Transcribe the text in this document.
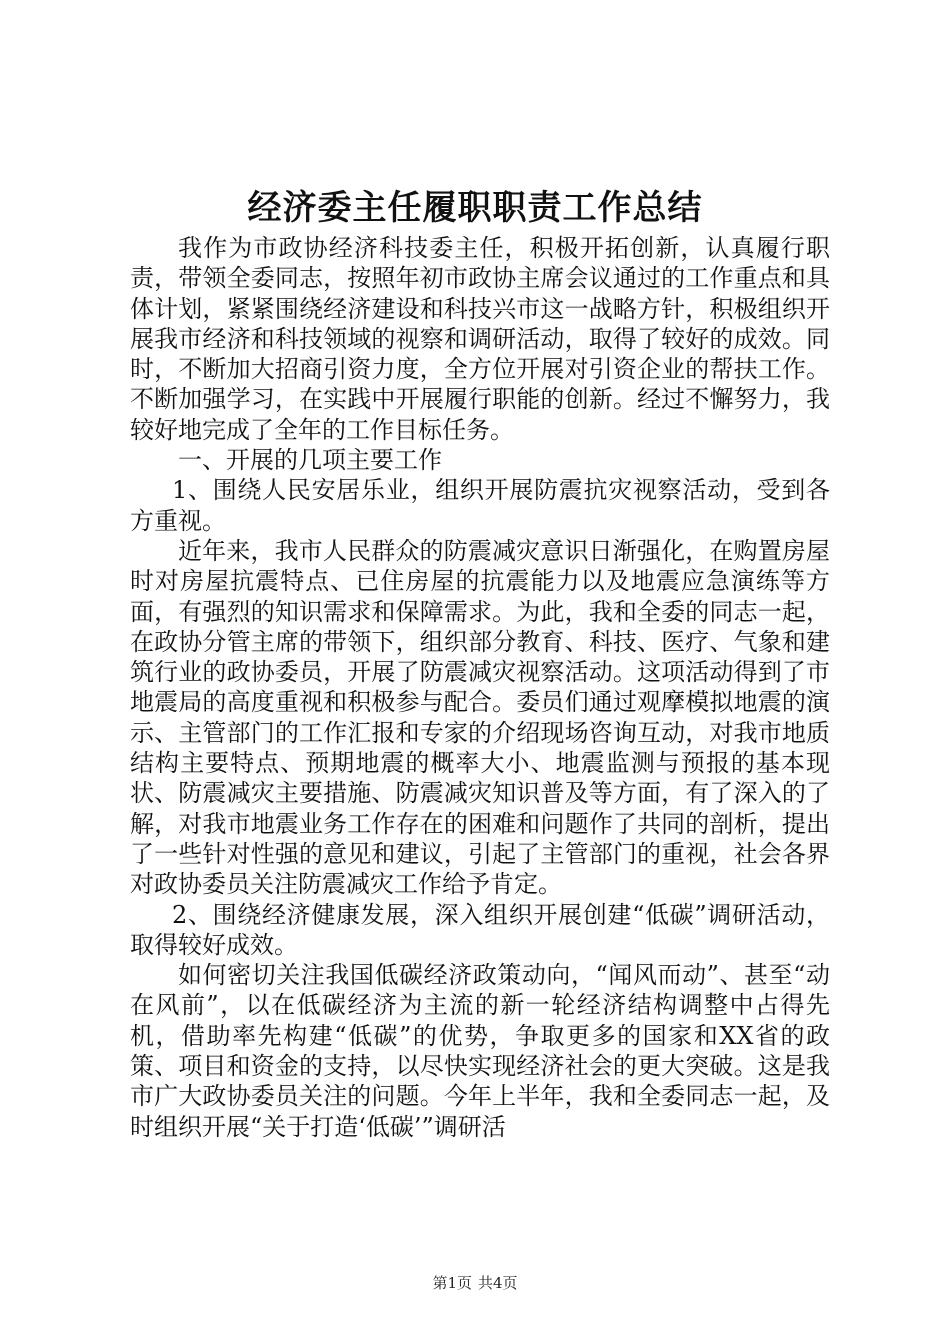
经济委主任履职职责工作总结

我作为市政协经济科技委主任，积极开拓创新，认真履行职责，带领全委同志，按照年初市政协主席会议通过的工作重点和具体计划，紧紧围绕经济建设和科技兴市这一战略方针，积极组织开展我市经济和科技领域的视察和调研活动，取得了较好的成效。同时，不断加大招商引资力度，全方位开展对引资企业的帮扶工作。不断加强学习，在实践中开展履行职能的创新。经过不懈努力，我较好地完成了全年的工作目标任务。

一、开展的几项主要工作

1、围绕人民安居乐业，组织开展防震抗灾视察活动，受到各方重视。

近年来，我市人民群众的防震减灾意识日渐强化，在购置房屋时对房屋抗震特点、已住房屋的抗震能力以及地震应急演练等方面，有强烈的知识需求和保障需求。为此，我和全委的同志一起，在政协分管主席的带领下，组织部分教育、科技、医疗、气象和建筑行业的政协委员，开展了防震减灾视察活动。这项活动得到了市地震局的高度重视和积极参与配合。委员们通过观摩模拟地震的演示、主管部门的工作汇报和专家的介绍现场咨询互动，对我市地质结构主要特点、预期地震的概率大小、地震监测与预报的基本现状、防震减灾主要措施、防震减灾知识普及等方面，有了深入的了解，对我市地震业务工作存在的困难和问题作了共同的剖析，提出了一些针对性强的意见和建议，引起了主管部门的重视，社会各界对政协委员关注防震减灾工作给予肯定。

2、围绕经济健康发展，深入组织开展创建“低碳”调研活动，取得较好成效。

如何密切关注我国低碳经济政策动向，“闻风而动”、甚至“动在风前”，以在低碳经济为主流的新一轮经济结构调整中占得先机，借助率先构建“低碳”的优势，争取更多的国家和XX省的政策、项目和资金的支持，以尽快实现经济社会的更大突破。这是我市广大政协委员关注的问题。今年上半年，我和全委同志一起，及时组织开展“关于打造‘低碳’”调研活

第1页 共4页
